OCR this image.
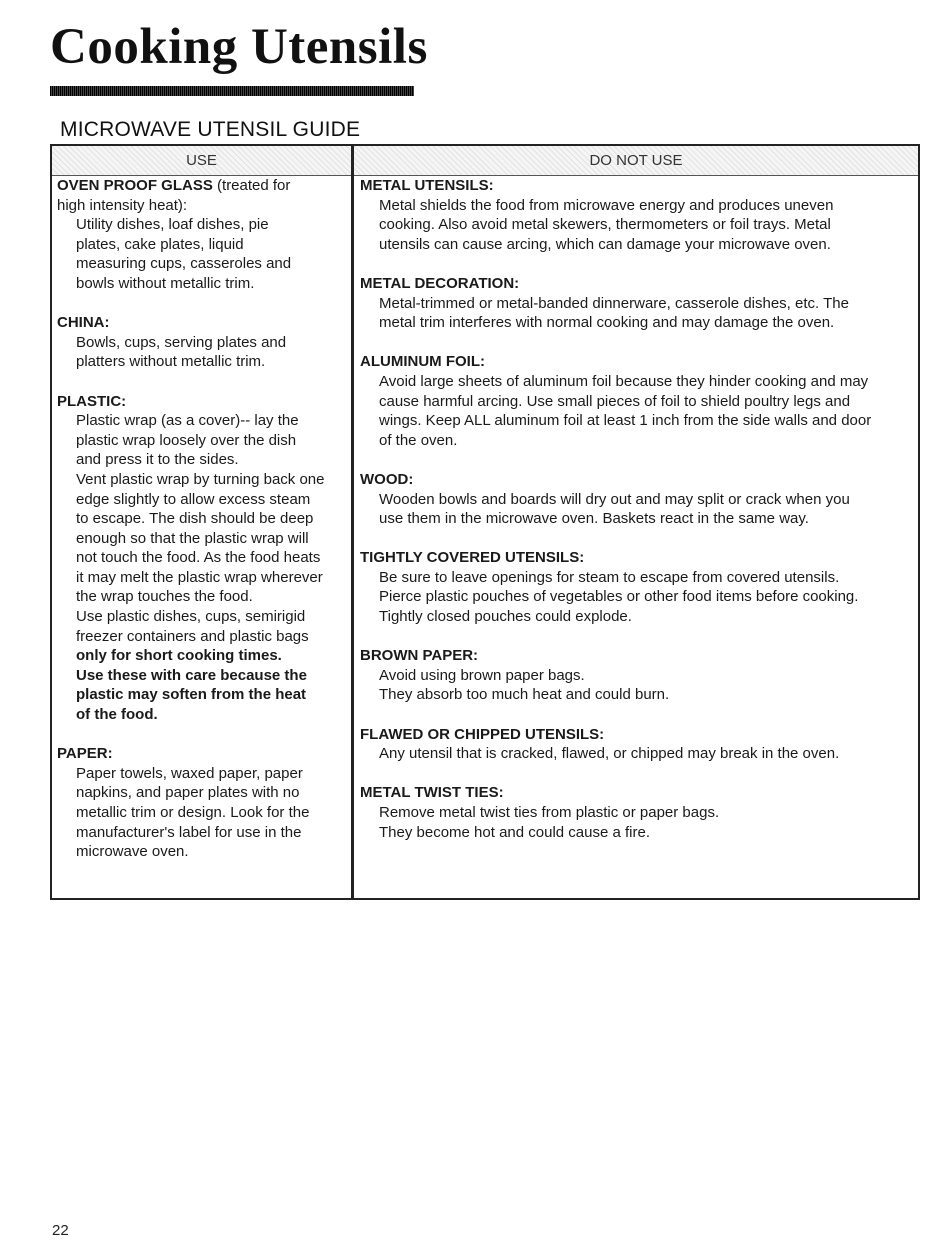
Cooking Utensils
MICROWAVE UTENSIL GUIDE
USE	DO NOT USE
OVEN PROOF GLASS (treated for
high intensity heat):
Utility dishes, loaf dishes, pie
plates, cake plates, liquid
measuring cups, casseroles and
bowls without metallic trim.
CHINA:
Bowls, cups, serving plates and
platters without metallic trim.
PLASTIC:
Plastic wrap (as a cover)-- lay the
plastic wrap loosely over the dish
and press it to the sides.
Vent plastic wrap by turning back one
edge slightly to allow excess steam
to escape. The dish should be deep
enough so that the plastic wrap will
not touch the food. As the food heats
it may melt the plastic wrap wherever
the wrap touches the food.
Use plastic dishes, cups, semirigid
freezer containers and plastic bags
only for short cooking times.
Use these with care because the
plastic may soften from the heat
of the food.
PAPER:
Paper towels, waxed paper, paper
napkins, and paper plates with no
metallic trim or design. Look for the
manufacturer's label for use in the
microwave oven.
METAL UTENSILS:
Metal shields the food from microwave energy and produces uneven
cooking. Also avoid metal skewers, thermometers or foil trays. Metal
utensils can cause arcing, which can damage your microwave oven.
METAL DECORATION:
Metal-trimmed or metal-banded dinnerware, casserole dishes, etc. The
metal trim interferes with normal cooking and may damage the oven.
ALUMINUM FOIL:
Avoid large sheets of aluminum foil because they hinder cooking and may
cause harmful arcing. Use small pieces of foil to shield poultry legs and
wings. Keep ALL aluminum foil at least 1 inch from the side walls and door
of the oven.
WOOD:
Wooden bowls and boards will dry out and may split or crack when you
use them in the microwave oven. Baskets react in the same way.
TIGHTLY COVERED UTENSILS:
Be sure to leave openings for steam to escape from covered utensils.
Pierce plastic pouches of vegetables or other food items before cooking.
Tightly closed pouches could explode.
BROWN PAPER:
Avoid using brown paper bags.
They absorb too much heat and could burn.
FLAWED OR CHIPPED UTENSILS:
Any utensil that is cracked, flawed, or chipped may break in the oven.
METAL TWIST TIES:
Remove metal twist ties from plastic or paper bags.
They become hot and could cause a fire.
22
